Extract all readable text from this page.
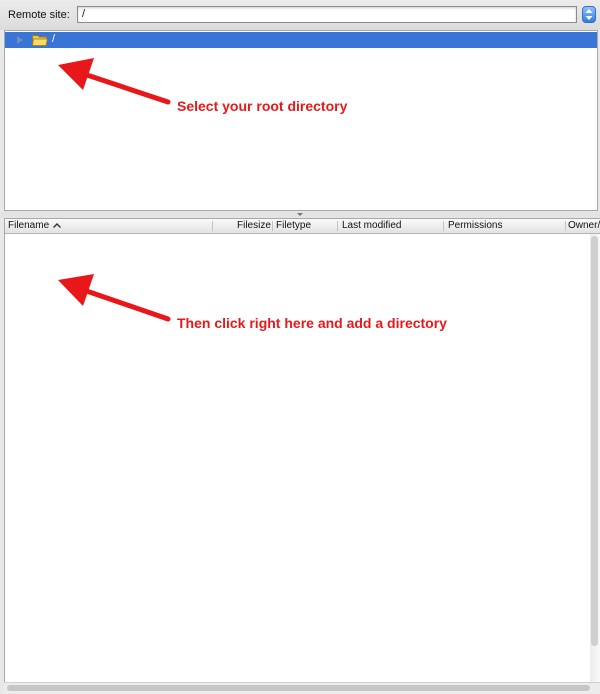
Remote site:	/
/
Filename	Filesize Filetype	Last modified	Permissions	Owner/
Select your root directory
Then click right here and add a directory
